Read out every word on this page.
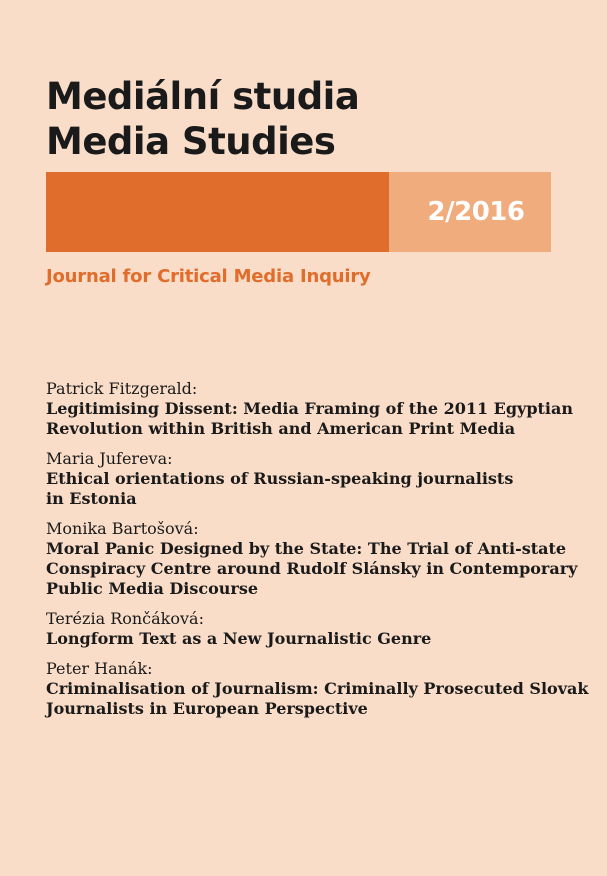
Mediální studia
Media Studies
2/2016
Journal for Critical Media Inquiry
Patrick Fitzgerald:
Legitimising Dissent: Media Framing of the 2011 Egyptian
Revolution within British and American Print Media
Maria Jufereva:
Ethical orientations of Russian-speaking journalists
in Estonia
Monika Bartošová:
Moral Panic Designed by the State: The Trial of Anti-state
Conspiracy Centre around Rudolf Slánsky in Contemporary
Public Media Discourse
Terézia Rončáková:
Longform Text as a New Journalistic Genre
Peter Hanák:
Criminalisation of Journalism: Criminally Prosecuted Slovak
Journalists in European Perspective
